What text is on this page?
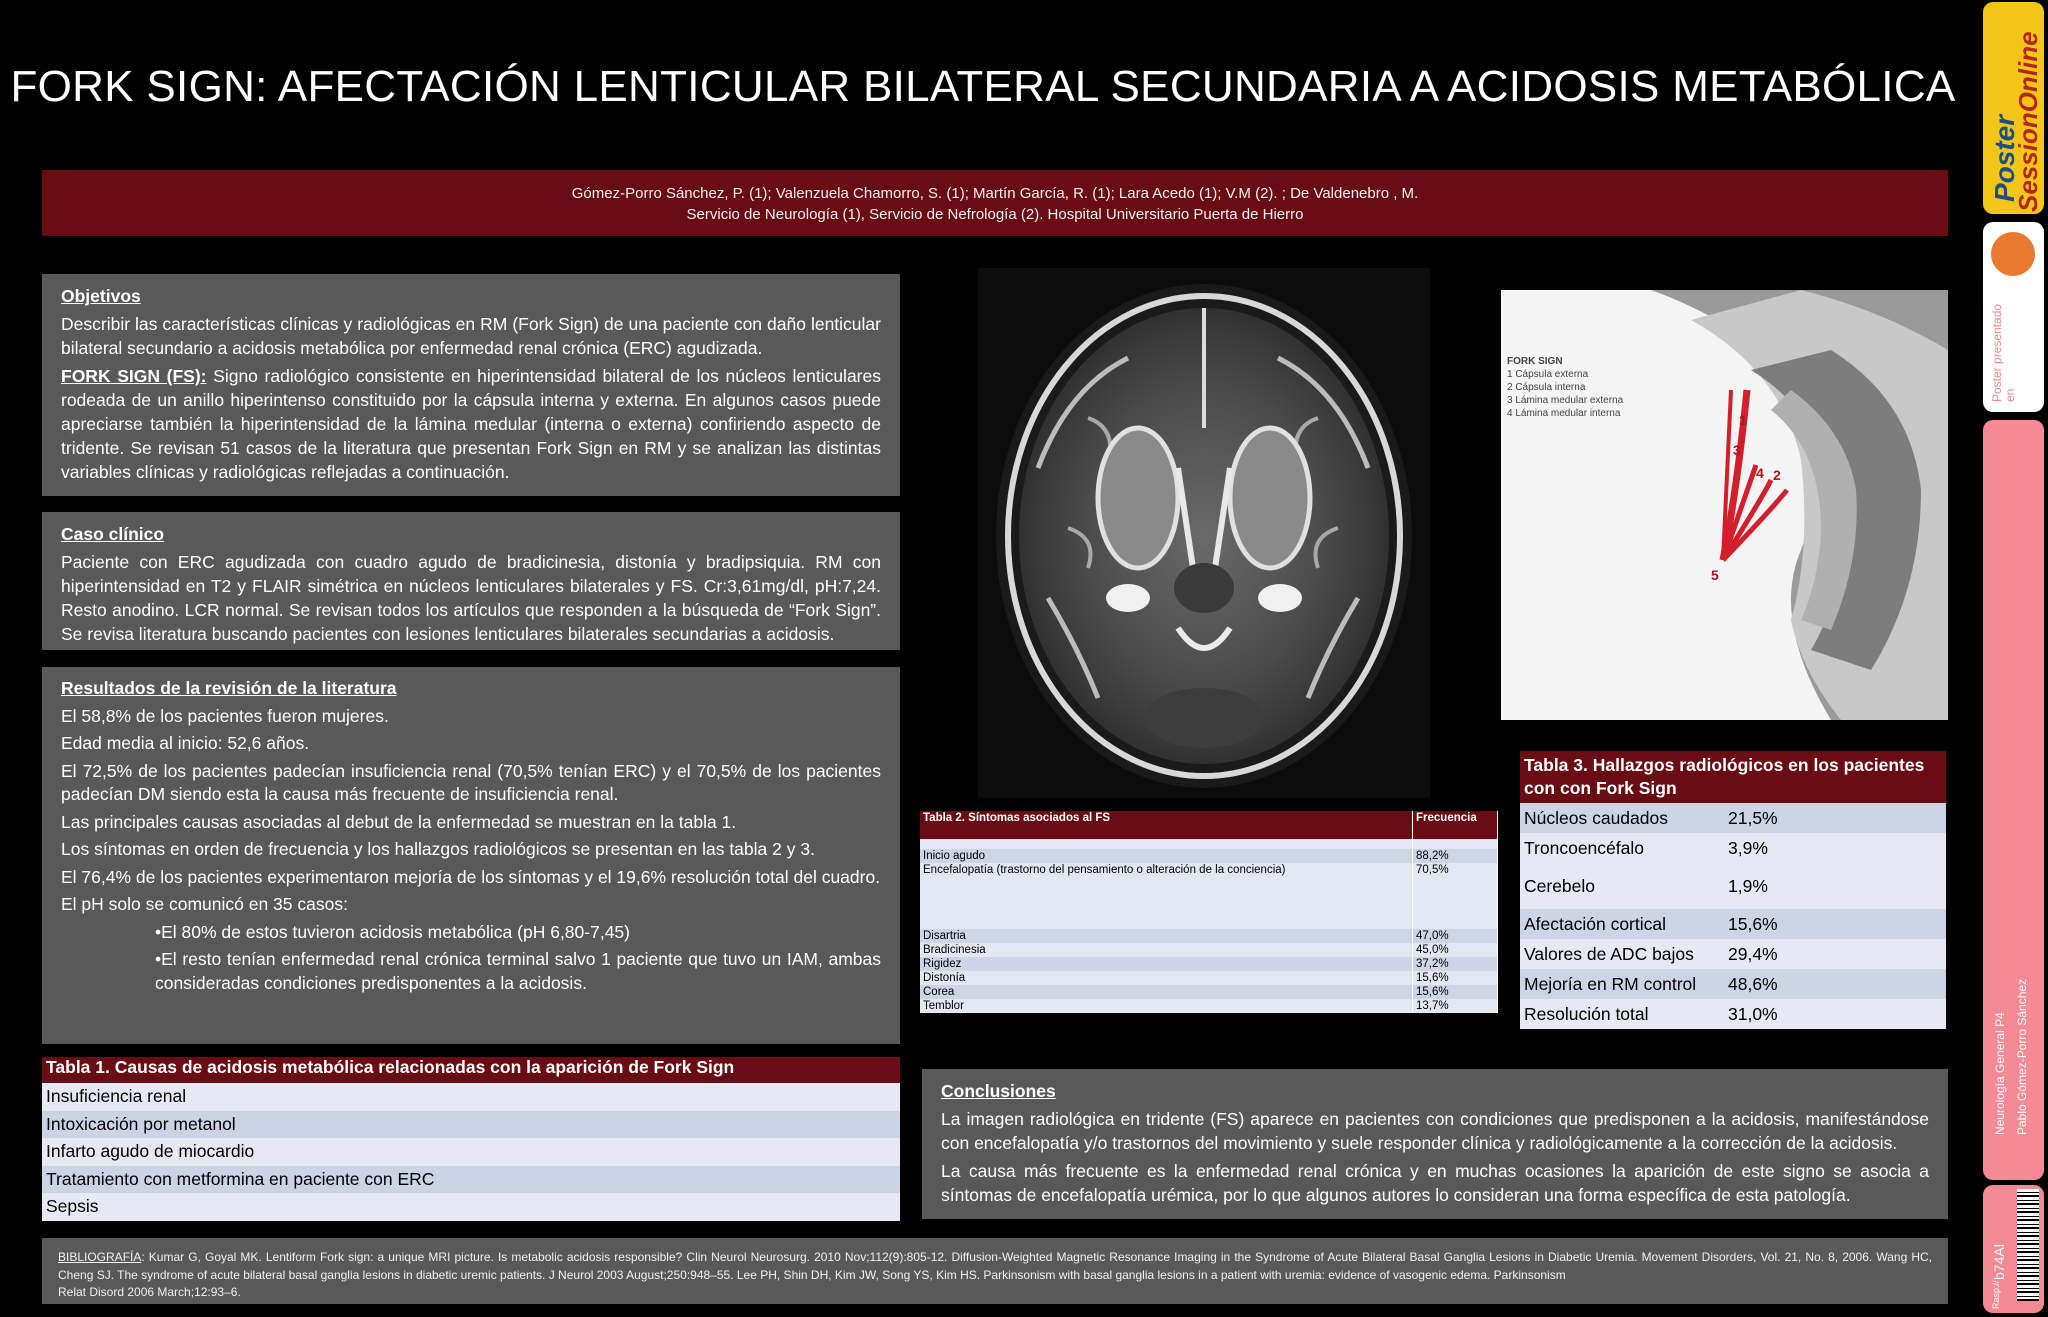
FORK SIGN: AFECTACIÓN LENTICULAR BILATERAL SECUNDARIA A ACIDOSIS METABÓLICA
Gómez-Porro Sánchez, P. (1); Valenzuela Chamorro, S. (1); Martín García, R. (1); Lara Acedo (1); V.M (2). ; De Valdenebro , M.
Servicio de Neurología (1), Servicio de Nefrología (2). Hospital Universitario Puerta de Hierro
Objetivos

Describir las características clínicas y radiológicas en RM (Fork Sign) de una paciente con daño lenticular bilateral secundario a acidosis metabólica por enfermedad renal crónica (ERC) agudizada.

FORK SIGN (FS): Signo radiológico consistente en hiperintensidad bilateral de los núcleos lenticulares rodeada de un anillo hiperintenso constituido por la cápsula interna y externa. En algunos casos puede apreciarse también la hiperintensidad de la lámina medular (interna o externa) confiriendo aspecto de tridente. Se revisan 51 casos de la literatura que presentan Fork Sign en RM y se analizan las distintas variables clínicas y radiológicas reflejadas a continuación.

Caso clínico

Paciente con ERC agudizada con cuadro agudo de bradicinesia, distonía y bradipsiquia. RM con hiperintensidad en T2 y FLAIR simétrica en núcleos lenticulares bilaterales y FS. Cr:3,61mg/dl, pH:7,24. Resto anodino. LCR normal. Se revisan todos los artículos que responden a la búsqueda de “Fork Sign”. Se revisa literatura buscando pacientes con lesiones lenticulares bilaterales secundarias a acidosis.

Resultados de la revisión de la literatura

El 58,8% de los pacientes fueron mujeres.

Edad media al inicio: 52,6 años.

El 72,5% de los pacientes padecían insuficiencia renal (70,5% tenían ERC) y el 70,5% de los pacientes padecían DM siendo esta la causa más frecuente de insuficiencia renal.

Las principales causas asociadas al debut de la enfermedad se muestran en la tabla 1.

Los síntomas en orden de frecuencia y los hallazgos radiológicos se presentan en las tabla 2 y 3.

El 76,4% de los pacientes experimentaron mejoría de los síntomas y el 19,6% resolución total del cuadro.

El pH solo se comunicó en 35 casos:

•El 80% de estos tuvieron acidosis metabólica (pH 6,80-7,45)

•El resto tenían enfermedad renal crónica terminal salvo 1 paciente que tuvo un IAM, ambas consideradas condiciones predisponentes a la acidosis.

Tabla 1. Causas de acidosis metabólica relacionadas con la aparición de Fork Sign
Insuficiencia renal
Intoxicación por metanol
Infarto agudo de miocardio
Tratamiento con metformina en paciente con ERC
Sepsis
1
2
3
4
5
FORK SIGN
1 Cápsula externa
2 Cápsula interna
3 Lámina medular externa
4 Lámina medular interna
Tabla 2. Síntomas asociados al FS	Frecuencia

Inicio agudo	88,2%
Encefalopatía (trastorno del pensamiento o alteración de la conciencia)	70,5%
Disartria	47,0%
Bradicinesia	45,0%
Rigidez	37,2%
Distonía	15,6%
Corea	15,6%
Temblor	13,7%
Tabla 3. Hallazgos radiológicos en los pacientes con con Fork Sign	
Núcleos caudados	21,5%
Troncoencéfalo	3,9%
Cerebelo	1,9%
Afectación cortical	15,6%
Valores de ADC bajos	29,4%
Mejoría en RM control	48,6%
Resolución total	31,0%
Conclusiones

La imagen radiológica en tridente (FS) aparece en pacientes con condiciones que predisponen a la acidosis, manifestándose con encefalopatía y/o trastornos del movimiento y suele responder clínica y radiológicamente a la corrección de la acidosis.

La causa más frecuente es la enfermedad renal crónica y en muchas ocasiones la aparición de este signo se asocia a síntomas de encefalopatía urémica, por lo que algunos autores lo consideran una forma específica de esta patología.

BIBLIOGRAFÍA: Kumar G, Goyal MK. Lentiform Fork sign: a unique MRI picture. Is metabolic acidosis responsible? Clin Neurol Neurosurg. 2010 Nov;112(9):805-12. Diffusion-Weighted Magnetic Resonance Imaging in the Syndrome of Acute Bilateral Basal Ganglia Lesions in Diabetic Uremia. Movement Disorders, Vol. 21, No. 8, 2006. Wang HC, Cheng SJ. The syndrome of acute bilateral basal ganglia lesions in diabetic uremic patients. J Neurol 2003 August;250:948–55. Lee PH, Shin DH, Kim JW, Song YS, Kim HS. Parkinsonism with basal ganglia lesions in a patient with uremia: evidence of vasogenic edema. Parkinsonism
Relat Disord 2006 March;12:93–6.
Poster
SessionOnline
Poster presentado en
Neurología General P4 Pablo Gómez-Porro Sánchez
b74Al
Rasp://
